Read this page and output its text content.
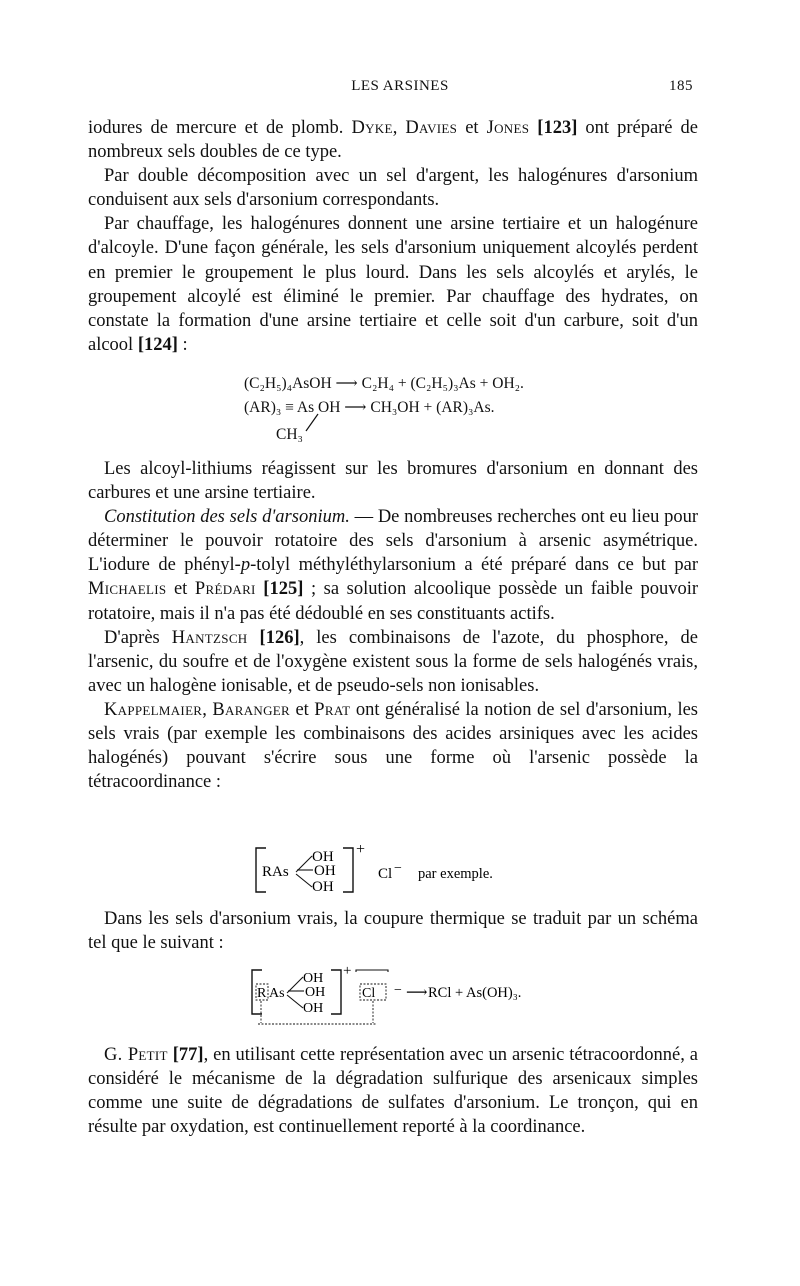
LES ARSINES	185

iodures de mercure et de plomb. Dyke, Davies et Jones [123] ont préparé de nombreux sels doubles de ce type.

Par double décomposition avec un sel d'argent, les halogénures d'arsonium conduisent aux sels d'arsonium correspondants.

Par chauffage, les halogénures donnent une arsine tertiaire et un halogénure d'alcoyle. D'une façon générale, les sels d'arsonium uniquement alcoylés perdent en premier le groupement le plus lourd. Dans les sels alcoylés et arylés, le groupement alcoylé est éliminé le premier. Par chauffage des hydrates, on constate la formation d'une arsine tertiaire et celle soit d'un carbure, soit d'un alcool [124] :

(C₂H₅)₄AsOH ⟶ C₂H₄ + (C₂H₅)₃As + OH₂.
(AR)₃ ≡ As OH ⟶ CH₃OH + (AR)₃As.
CH₃

Les alcoyl-lithiums réagissent sur les bromures d'arsonium en donnant des carbures et une arsine tertiaire.

Constitution des sels d'arsonium. — De nombreuses recherches ont eu lieu pour déterminer le pouvoir rotatoire des sels d'arsonium à arsenic asymétrique. L'iodure de phényl-p-tolyl méthyléthylarsonium a été préparé dans ce but par Michaelis et Prédari [125] ; sa solution alcoolique possède un faible pouvoir rotatoire, mais il n'a pas été dédoublé en ses constituants actifs.

D'après Hantzsch [126], les combinaisons de l'azote, du phosphore, de l'arsenic, du soufre et de l'oxygène existent sous la forme de sels halogénés vrais, avec un halogène ionisable, et de pseudo-sels non ionisables.

Kappelmaier, Baranger et Prat ont généralisé la notion de sel d'arsonium, les sels vrais (par exemple les combinaisons des acides arsiniques avec les acides halogénés) pouvant s'écrire sous une forme où l'arsenic possède la tétracoordinance :

RAs
OH
OH
OH
+
Cl − par exemple.

Dans les sels d'arsonium vrais, la coupure thermique se traduit par un schéma tel que le suivant :

R As
OH
OH
OH
+
Cl − ⟶ RCl + As(OH)₃.

G. Petit [77], en utilisant cette représentation avec un arsenic tétracoordonné, a considéré le mécanisme de la dégradation sulfurique des arsenicaux simples comme une suite de dégradations de sulfates d'arsonium. Le tronçon, qui en résulte par oxydation, est continuellement reporté à la coordinance.
